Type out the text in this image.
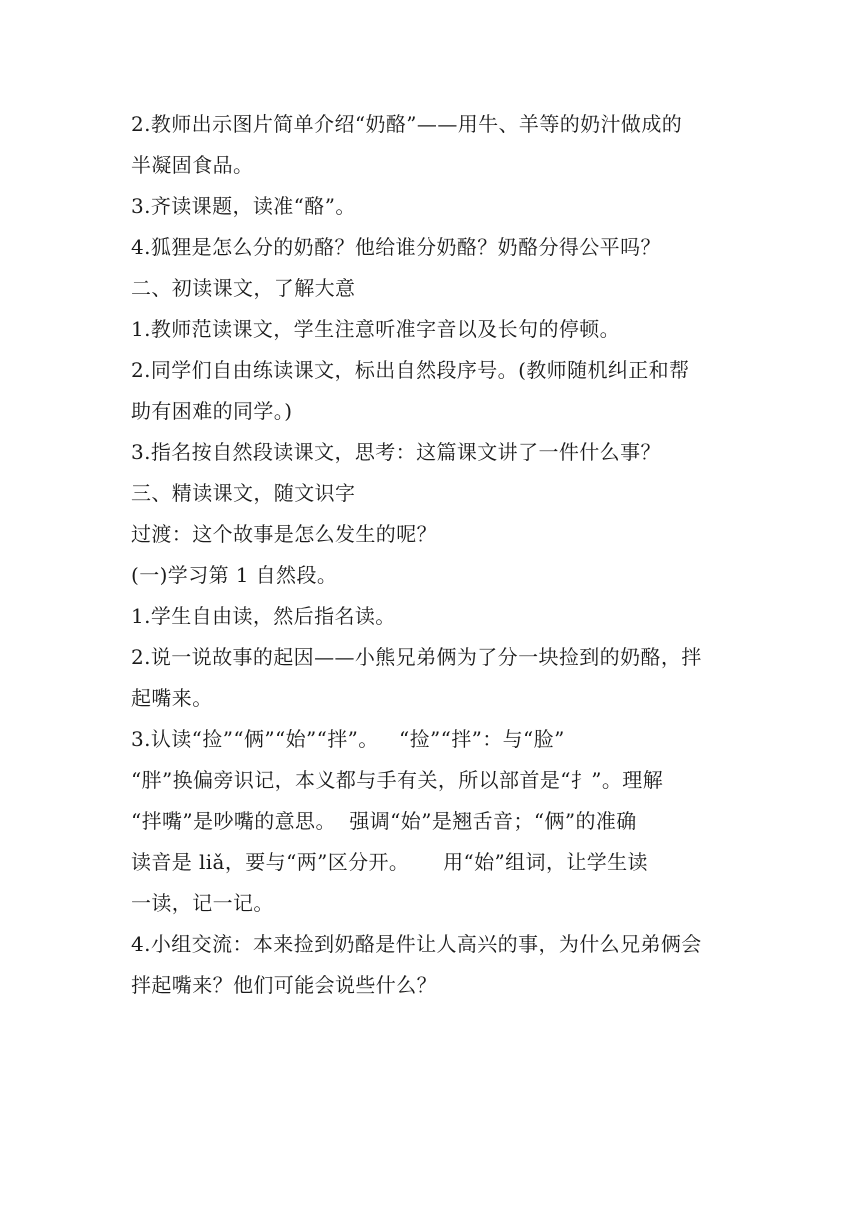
2.教师出示图片简单介绍“奶酪”——用牛、羊等的奶汁做成的
半凝固食品。
3.齐读课题，读准“酪”。
4.狐狸是怎么分的奶酪？他给谁分奶酪？奶酪分得公平吗？
二、初读课文，了解大意
1.教师范读课文，学生注意听准字音以及长句的停顿。
2.同学们自由练读课文，标出自然段序号。(教师随机纠正和帮
助有困难的同学。)
3.指名按自然段读课文，思考：这篇课文讲了一件什么事？
三、精读课文，随文识字
过渡：这个故事是怎么发生的呢？
(一)学习第 1 自然段。
1.学生自由读，然后指名读。
2.说一说故事的起因——小熊兄弟俩为了分一块捡到的奶酪，拌
起嘴来。
3.认读“捡”“俩”“始”“拌”。   “捡”“拌”：与“脸”
“胖”换偏旁识记，本义都与手有关，所以部首是“扌”。理解
“拌嘴”是吵嘴的意思。  强调“始”是翘舌音；“俩”的准确
读音是 liǎ，要与“两”区分开。     用“始”组词，让学生读
一读，记一记。
4.小组交流：本来捡到奶酪是件让人高兴的事，为什么兄弟俩会
拌起嘴来？他们可能会说些什么？
